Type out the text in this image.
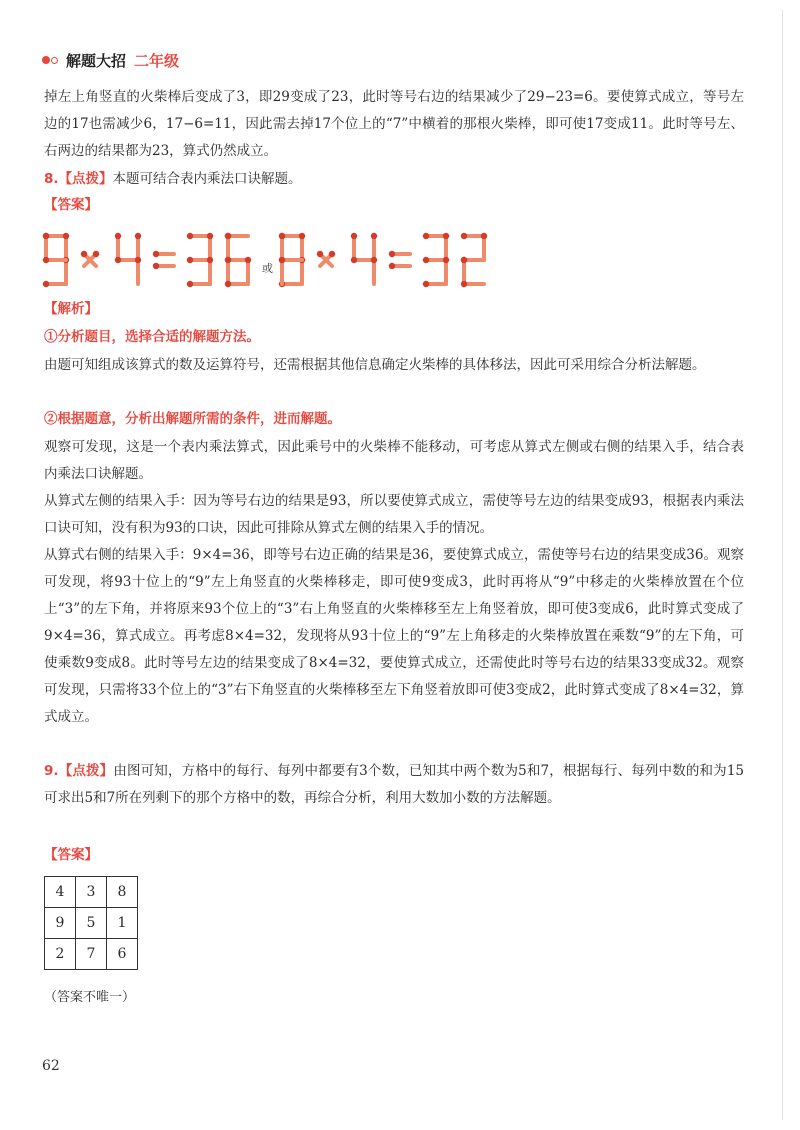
解题大招 二年级
掉左上角竖直的火柴棒后变成了3，即29变成了23，此时等号右边的结果减少了29−23=6。要使算式成立，等号左边的17也需减少6，17−6=11，因此需去掉17个位上的“7”中横着的那根火柴棒，即可使17变成11。此时等号左、右两边的结果都为23，算式仍然成立。
8.【点拨】本题可结合表内乘法口诀解题。
【答案】
或
【解析】
①分析题目，选择合适的解题方法。
由题可知组成该算式的数及运算符号，还需根据其他信息确定火柴棒的具体移法，因此可采用综合分析法解题。
②根据题意，分析出解题所需的条件，进而解题。
观察可发现，这是一个表内乘法算式，因此乘号中的火柴棒不能移动，可考虑从算式左侧或右侧的结果入手，结合表内乘法口诀解题。
从算式左侧的结果入手：因为等号右边的结果是93，所以要使算式成立，需使等号左边的结果变成93，根据表内乘法口诀可知，没有积为93的口诀，因此可排除从算式左侧的结果入手的情况。
从算式右侧的结果入手：9×4=36，即等号右边正确的结果是36，要使算式成立，需使等号右边的结果变成36。观察可发现，将93十位上的“9”左上角竖直的火柴棒移走，即可使9变成3，此时再将从“9”中移走的火柴棒放置在个位上“3”的左下角，并将原来93个位上的“3”右上角竖直的火柴棒移至左上角竖着放，即可使3变成6，此时算式变成了9×4=36，算式成立。再考虑8×4=32，发现将从93十位上的“9”左上角移走的火柴棒放置在乘数“9”的左下角，可使乘数9变成8。此时等号左边的结果变成了8×4=32，要使算式成立，还需使此时等号右边的结果33变成32。观察可发现，只需将33个位上的“3”右下角竖直的火柴棒移至左下角竖着放即可使3变成2，此时算式变成了8×4=32，算式成立。
9.【点拨】由图可知，方格中的每行、每列中都要有3个数，已知其中两个数为5和7，根据每行、每列中数的和为15可求出5和7所在列剩下的那个方格中的数，再综合分析，利用大数加小数的方法解题。
【答案】
4	3	8
9	5	1
2	7	6
（答案不唯一）
62
